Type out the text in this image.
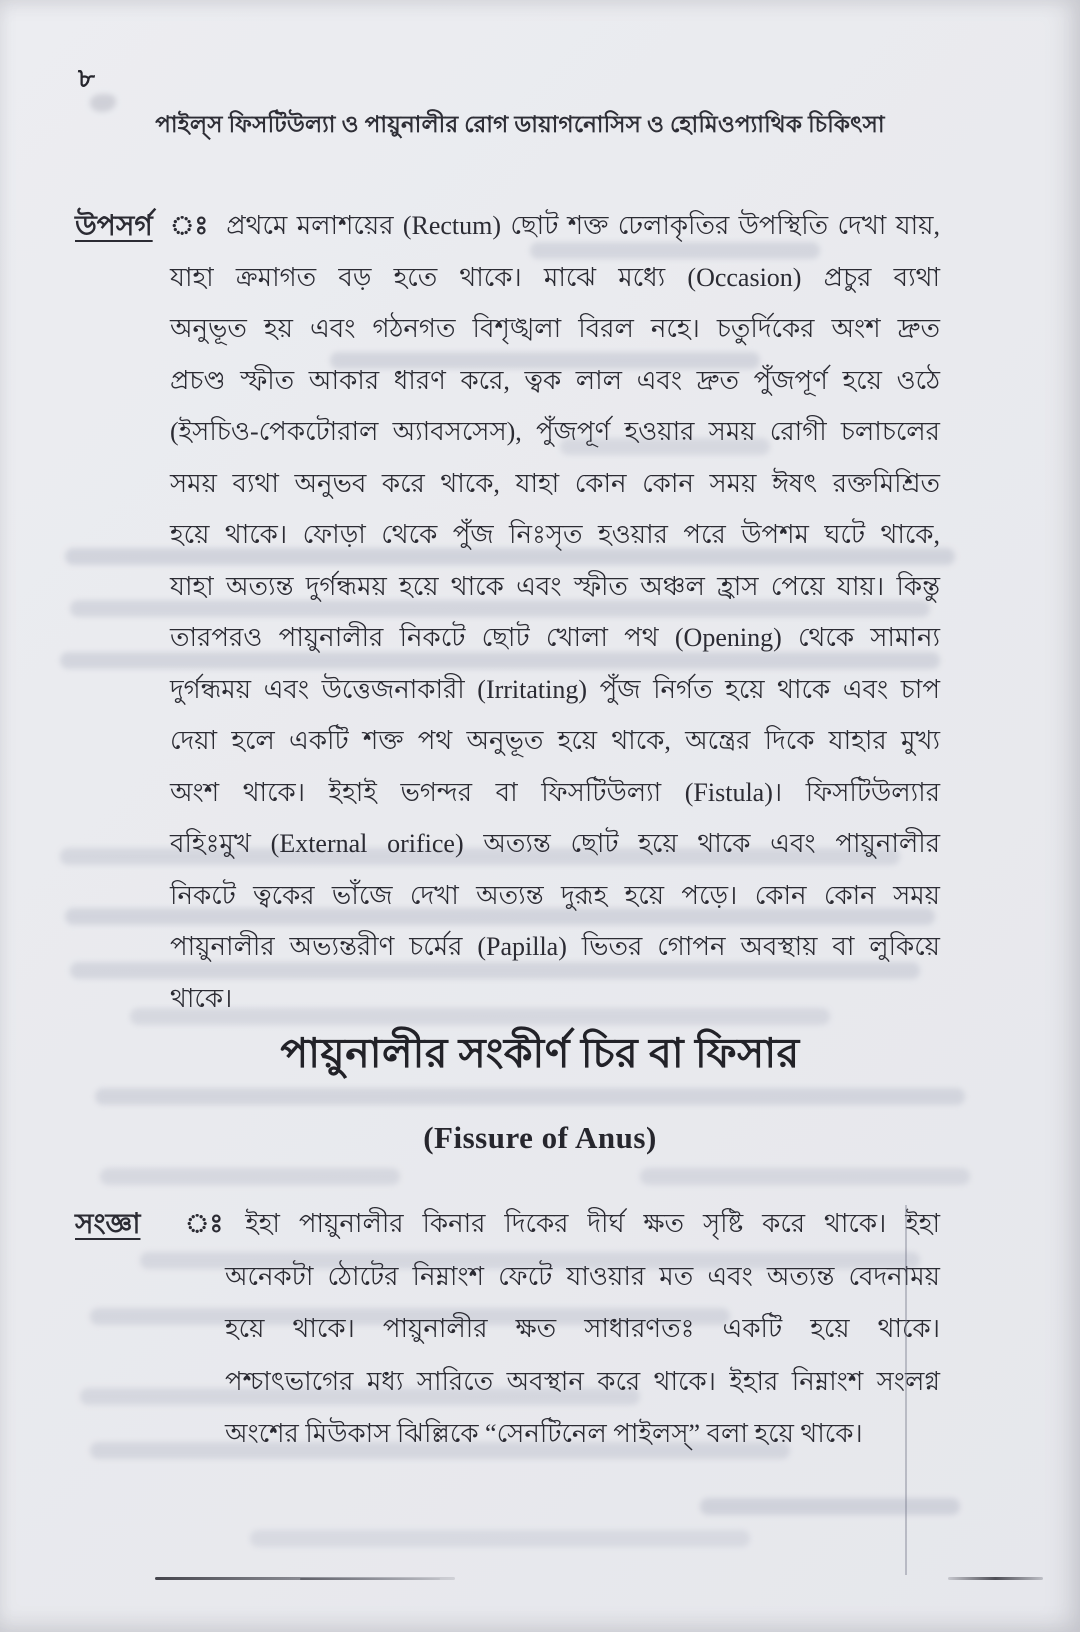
৮
পাইল্স ফিসটিউল্যা ও পায়ুনালীর রোগ ডায়াগনোসিস ও হোমিওপ্যাথিক চিকিৎসা
উপসর্গ ঃ প্রথমে মলাশয়ের (Rectum) ছোট শক্ত ঢেলাকৃতির উপস্থিতি দেখা যায়,
যাহা ক্রমাগত বড় হতে থাকে। মাঝে মধ্যে (Occasion) প্রচুর ব্যথা
অনুভূত হয় এবং গঠনগত বিশৃঙ্খলা বিরল নহে। চতুর্দিকের অংশ দ্রুত
প্রচণ্ড স্ফীত আকার ধারণ করে, ত্বক লাল এবং দ্রুত পুঁজপূর্ণ হয়ে ওঠে
(ইসচিও-পেকটোরাল অ্যাবসসেস), পুঁজপূর্ণ হওয়ার সময় রোগী চলাচলের
সময় ব্যথা অনুভব করে থাকে, যাহা কোন কোন সময় ঈষৎ রক্তমিশ্রিত
হয়ে থাকে। ফোড়া থেকে পুঁজ নিঃসৃত হওয়ার পরে উপশম ঘটে থাকে,
যাহা অত্যন্ত দুর্গন্ধময় হয়ে থাকে এবং স্ফীত অঞ্চল হ্রাস পেয়ে যায়। কিন্তু
তারপরও পায়ুনালীর নিকটে ছোট খোলা পথ (Opening) থেকে সামান্য
দুর্গন্ধময় এবং উত্তেজনাকারী (Irritating) পুঁজ নির্গত হয়ে থাকে এবং চাপ
দেয়া হলে একটি শক্ত পথ অনুভূত হয়ে থাকে, অন্ত্রের দিকে যাহার মুখ্য
অংশ থাকে। ইহাই ভগন্দর বা ফিসটিউল্যা (Fistula)। ফিসটিউল্যার
বহিঃমুখ (External orifice) অত্যন্ত ছোট হয়ে থাকে এবং পায়ুনালীর
নিকটে ত্বকের ভাঁজে দেখা অত্যন্ত দুরূহ হয়ে পড়ে। কোন কোন সময়
পায়ুনালীর অভ্যন্তরীণ চর্মের (Papilla) ভিতর গোপন অবস্থায় বা লুকিয়ে
থাকে।
পায়ুনালীর সংকীর্ণ চির বা ফিসার
(Fissure of Anus)
সংজ্ঞা ঃ ইহা পায়ুনালীর কিনার দিকের দীর্ঘ ক্ষত সৃষ্টি করে থাকে। ইহা
অনেকটা ঠোটের নিম্নাংশ ফেটে যাওয়ার মত এবং অত্যন্ত বেদনাময়
হয়ে থাকে। পায়ুনালীর ক্ষত সাধারণতঃ একটি হয়ে থাকে।
পশ্চাৎভাগের মধ্য সারিতে অবস্থান করে থাকে। ইহার নিম্নাংশ সংলগ্ন
অংশের মিউকাস ঝিল্লিকে “সেনটিনেল পাইলস্” বলা হয়ে থাকে।
